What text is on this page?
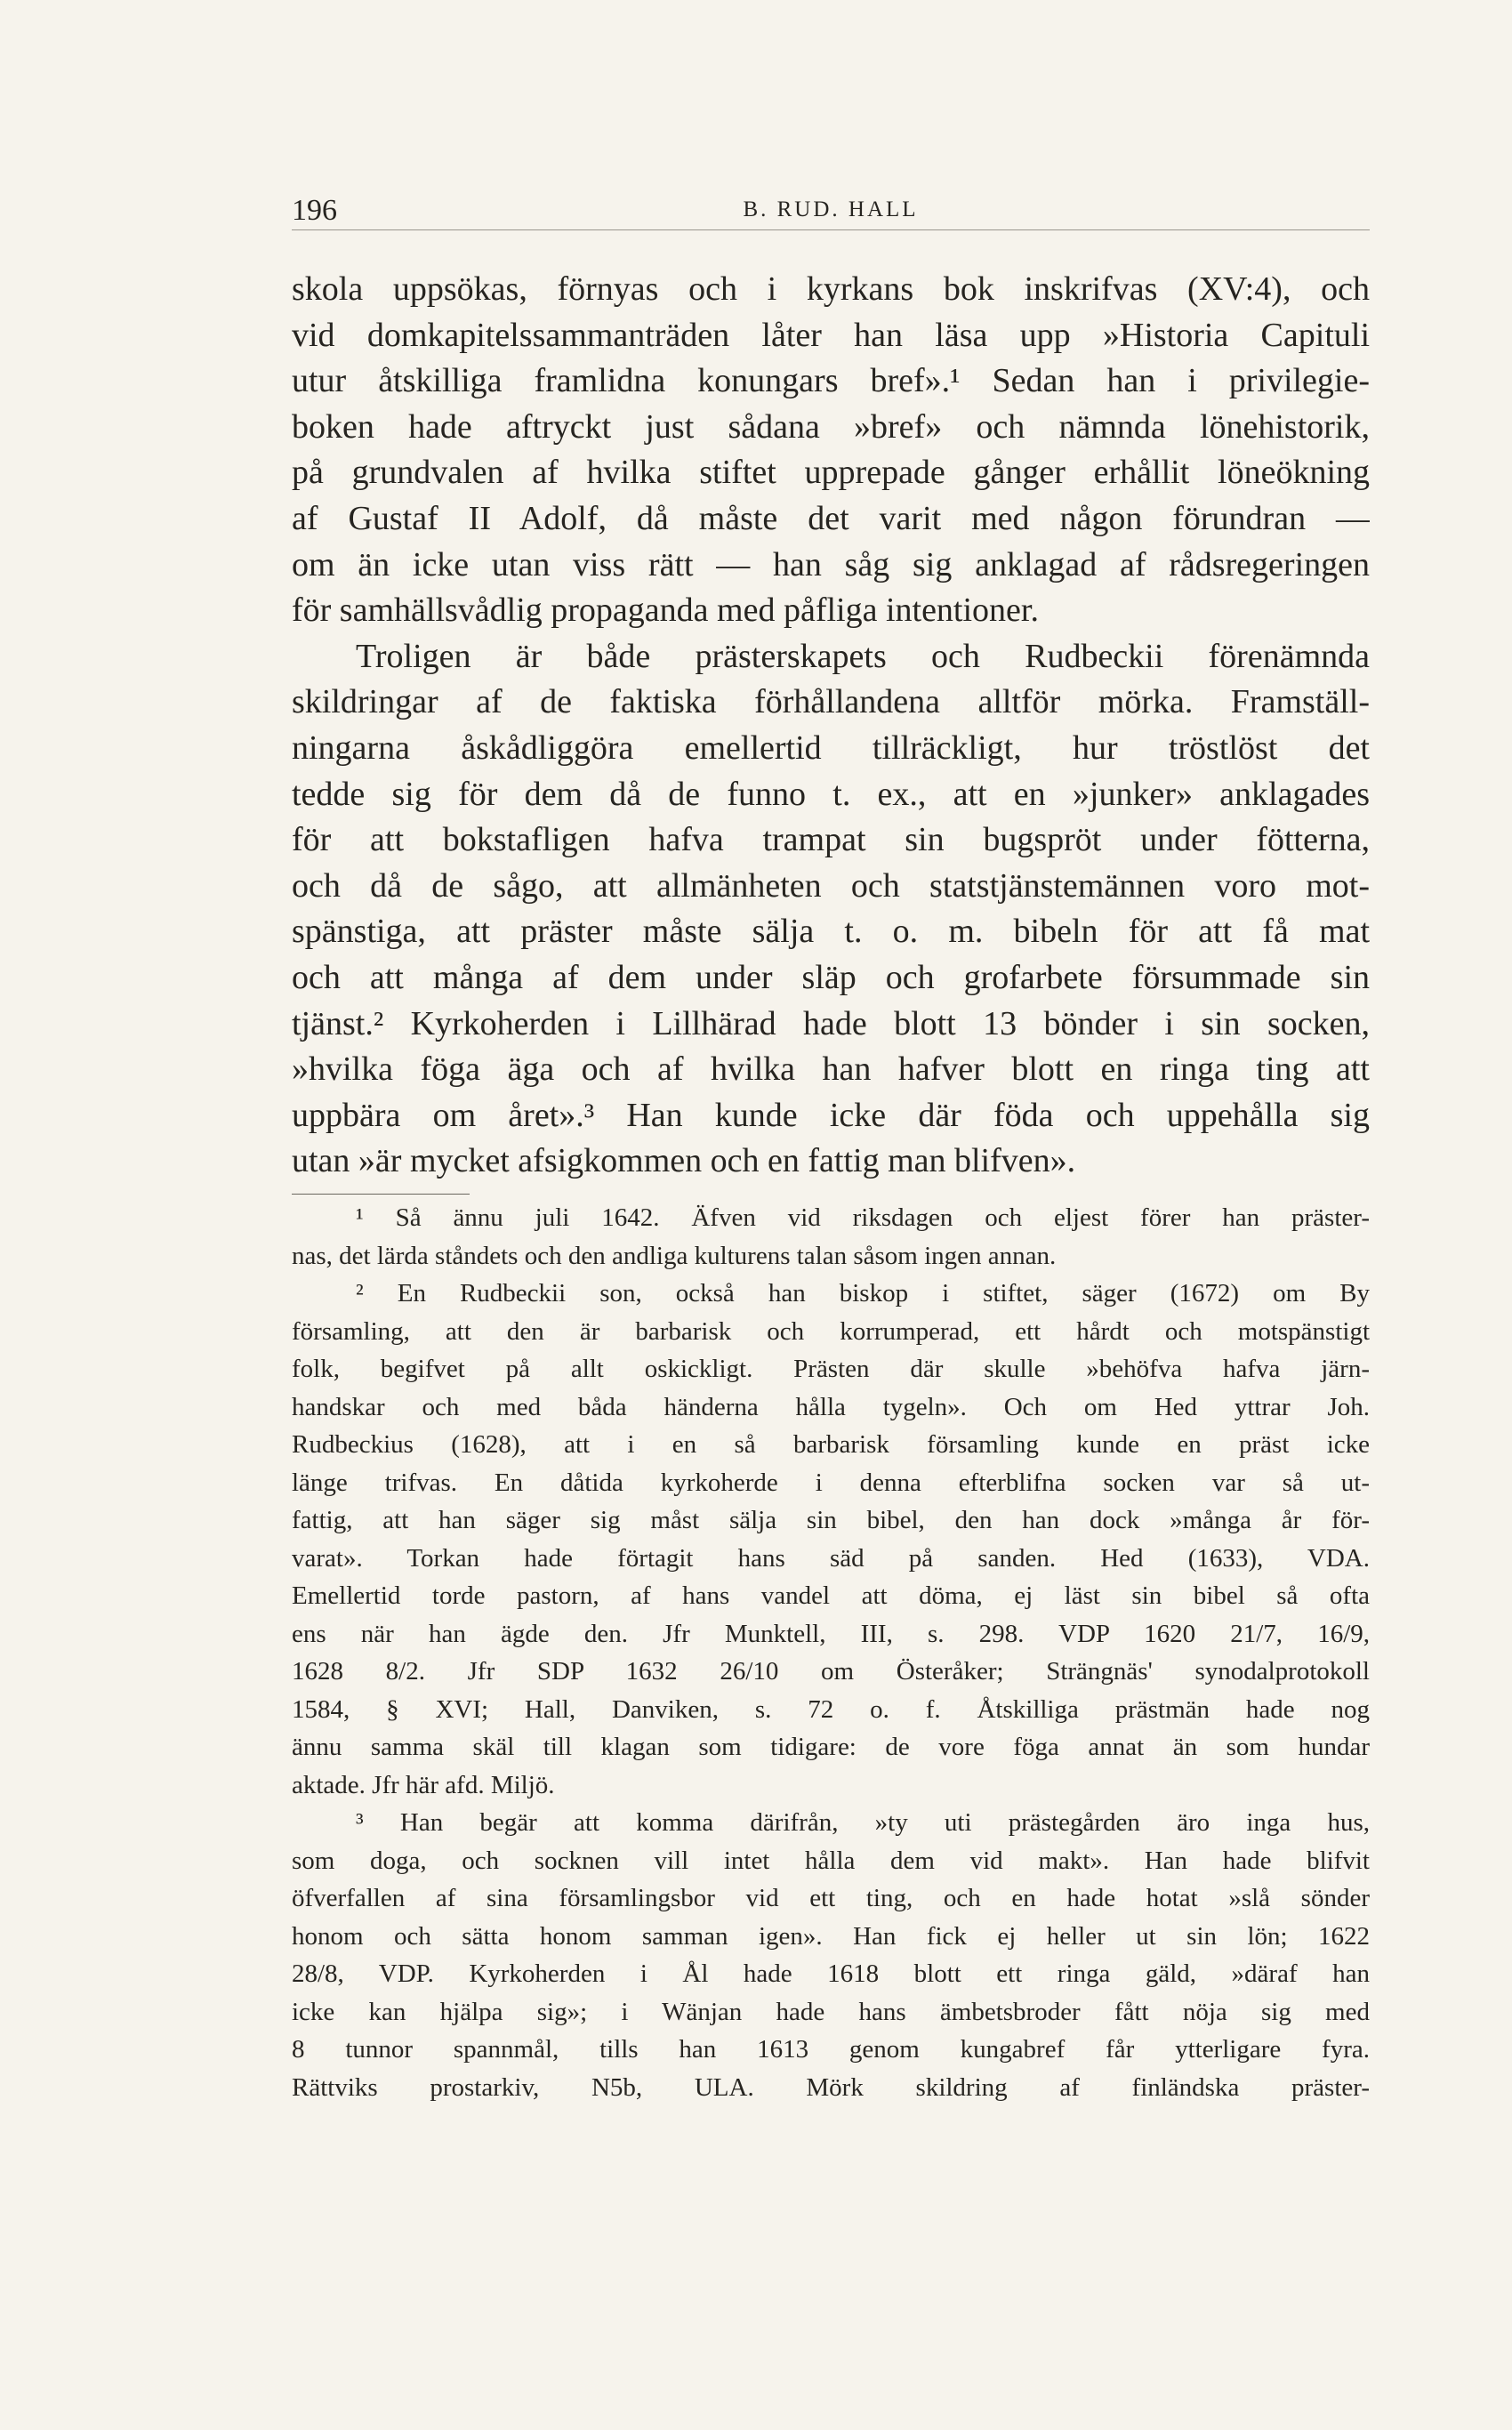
196	B. RUD. HALL
skola uppsökas, förnyas och i kyrkans bok inskrifvas (XV:4), och
vid domkapitelssammanträden låter han läsa upp »Historia Capituli
utur åtskilliga framlidna konungars bref».¹ Sedan han i privilegie-
boken hade aftryckt just sådana »bref» och nämnda lönehistorik,
på grundvalen af hvilka stiftet upprepade gånger erhållit löneökning
af Gustaf II Adolf, då måste det varit med någon förundran —
om än icke utan viss rätt — han såg sig anklagad af rådsregeringen
för samhällsvådlig propaganda med påfliga intentioner.
Troligen är både prästerskapets och Rudbeckii förenämnda
skildringar af de faktiska förhållandena alltför mörka. Framställ-
ningarna åskådliggöra emellertid tillräckligt, hur tröstlöst det
tedde sig för dem då de funno t. ex., att en »junker» anklagades
för att bokstafligen hafva trampat sin bugspröt under fötterna,
och då de sågo, att allmänheten och statstjänstemännen voro mot-
spänstiga, att präster måste sälja t. o. m. bibeln för att få mat
och att många af dem under släp och grofarbete försummade sin
tjänst.² Kyrkoherden i Lillhärad hade blott 13 bönder i sin socken,
»hvilka föga äga och af hvilka han hafver blott en ringa ting att
uppbära om året».³ Han kunde icke där föda och uppehålla sig
utan »är mycket afsigkommen och en fattig man blifven».
¹ Så ännu juli 1642. Äfven vid riksdagen och eljest förer han präster-
nas, det lärda ståndets och den andliga kulturens talan såsom ingen annan.
² En Rudbeckii son, också han biskop i stiftet, säger (1672) om By
församling, att den är barbarisk och korrumperad, ett hårdt och motspänstigt
folk, begifvet på allt oskickligt. Prästen där skulle »behöfva hafva järn-
handskar och med båda händerna hålla tygeln». Och om Hed yttrar Joh.
Rudbeckius (1628), att i en så barbarisk församling kunde en präst icke
länge trifvas. En dåtida kyrkoherde i denna efterblifna socken var så ut-
fattig, att han säger sig måst sälja sin bibel, den han dock »många år för-
varat». Torkan hade förtagit hans säd på sanden. Hed (1633), VDA.
Emellertid torde pastorn, af hans vandel att döma, ej läst sin bibel så ofta
ens när han ägde den. Jfr Munktell, III, s. 298. VDP 1620 21/7, 16/9,
1628 8/2. Jfr SDP 1632 26/10 om Österåker; Strängnäs' synodalprotokoll
1584, § XVI; Hall, Danviken, s. 72 o. f. Åtskilliga prästmän hade nog
ännu samma skäl till klagan som tidigare: de vore föga annat än som hundar
aktade. Jfr här afd. Miljö.
³ Han begär att komma därifrån, »ty uti prästegården äro inga hus,
som doga, och socknen vill intet hålla dem vid makt». Han hade blifvit
öfverfallen af sina församlingsbor vid ett ting, och en hade hotat »slå sönder
honom och sätta honom samman igen». Han fick ej heller ut sin lön; 1622
28/8, VDP. Kyrkoherden i Ål hade 1618 blott ett ringa gäld, »däraf han
icke kan hjälpa sig»; i Wänjan hade hans ämbetsbroder fått nöja sig med
8 tunnor spannmål, tills han 1613 genom kungabref får ytterligare fyra.
Rättviks prostarkiv, N5b, ULA. Mörk skildring af finländska präster-
